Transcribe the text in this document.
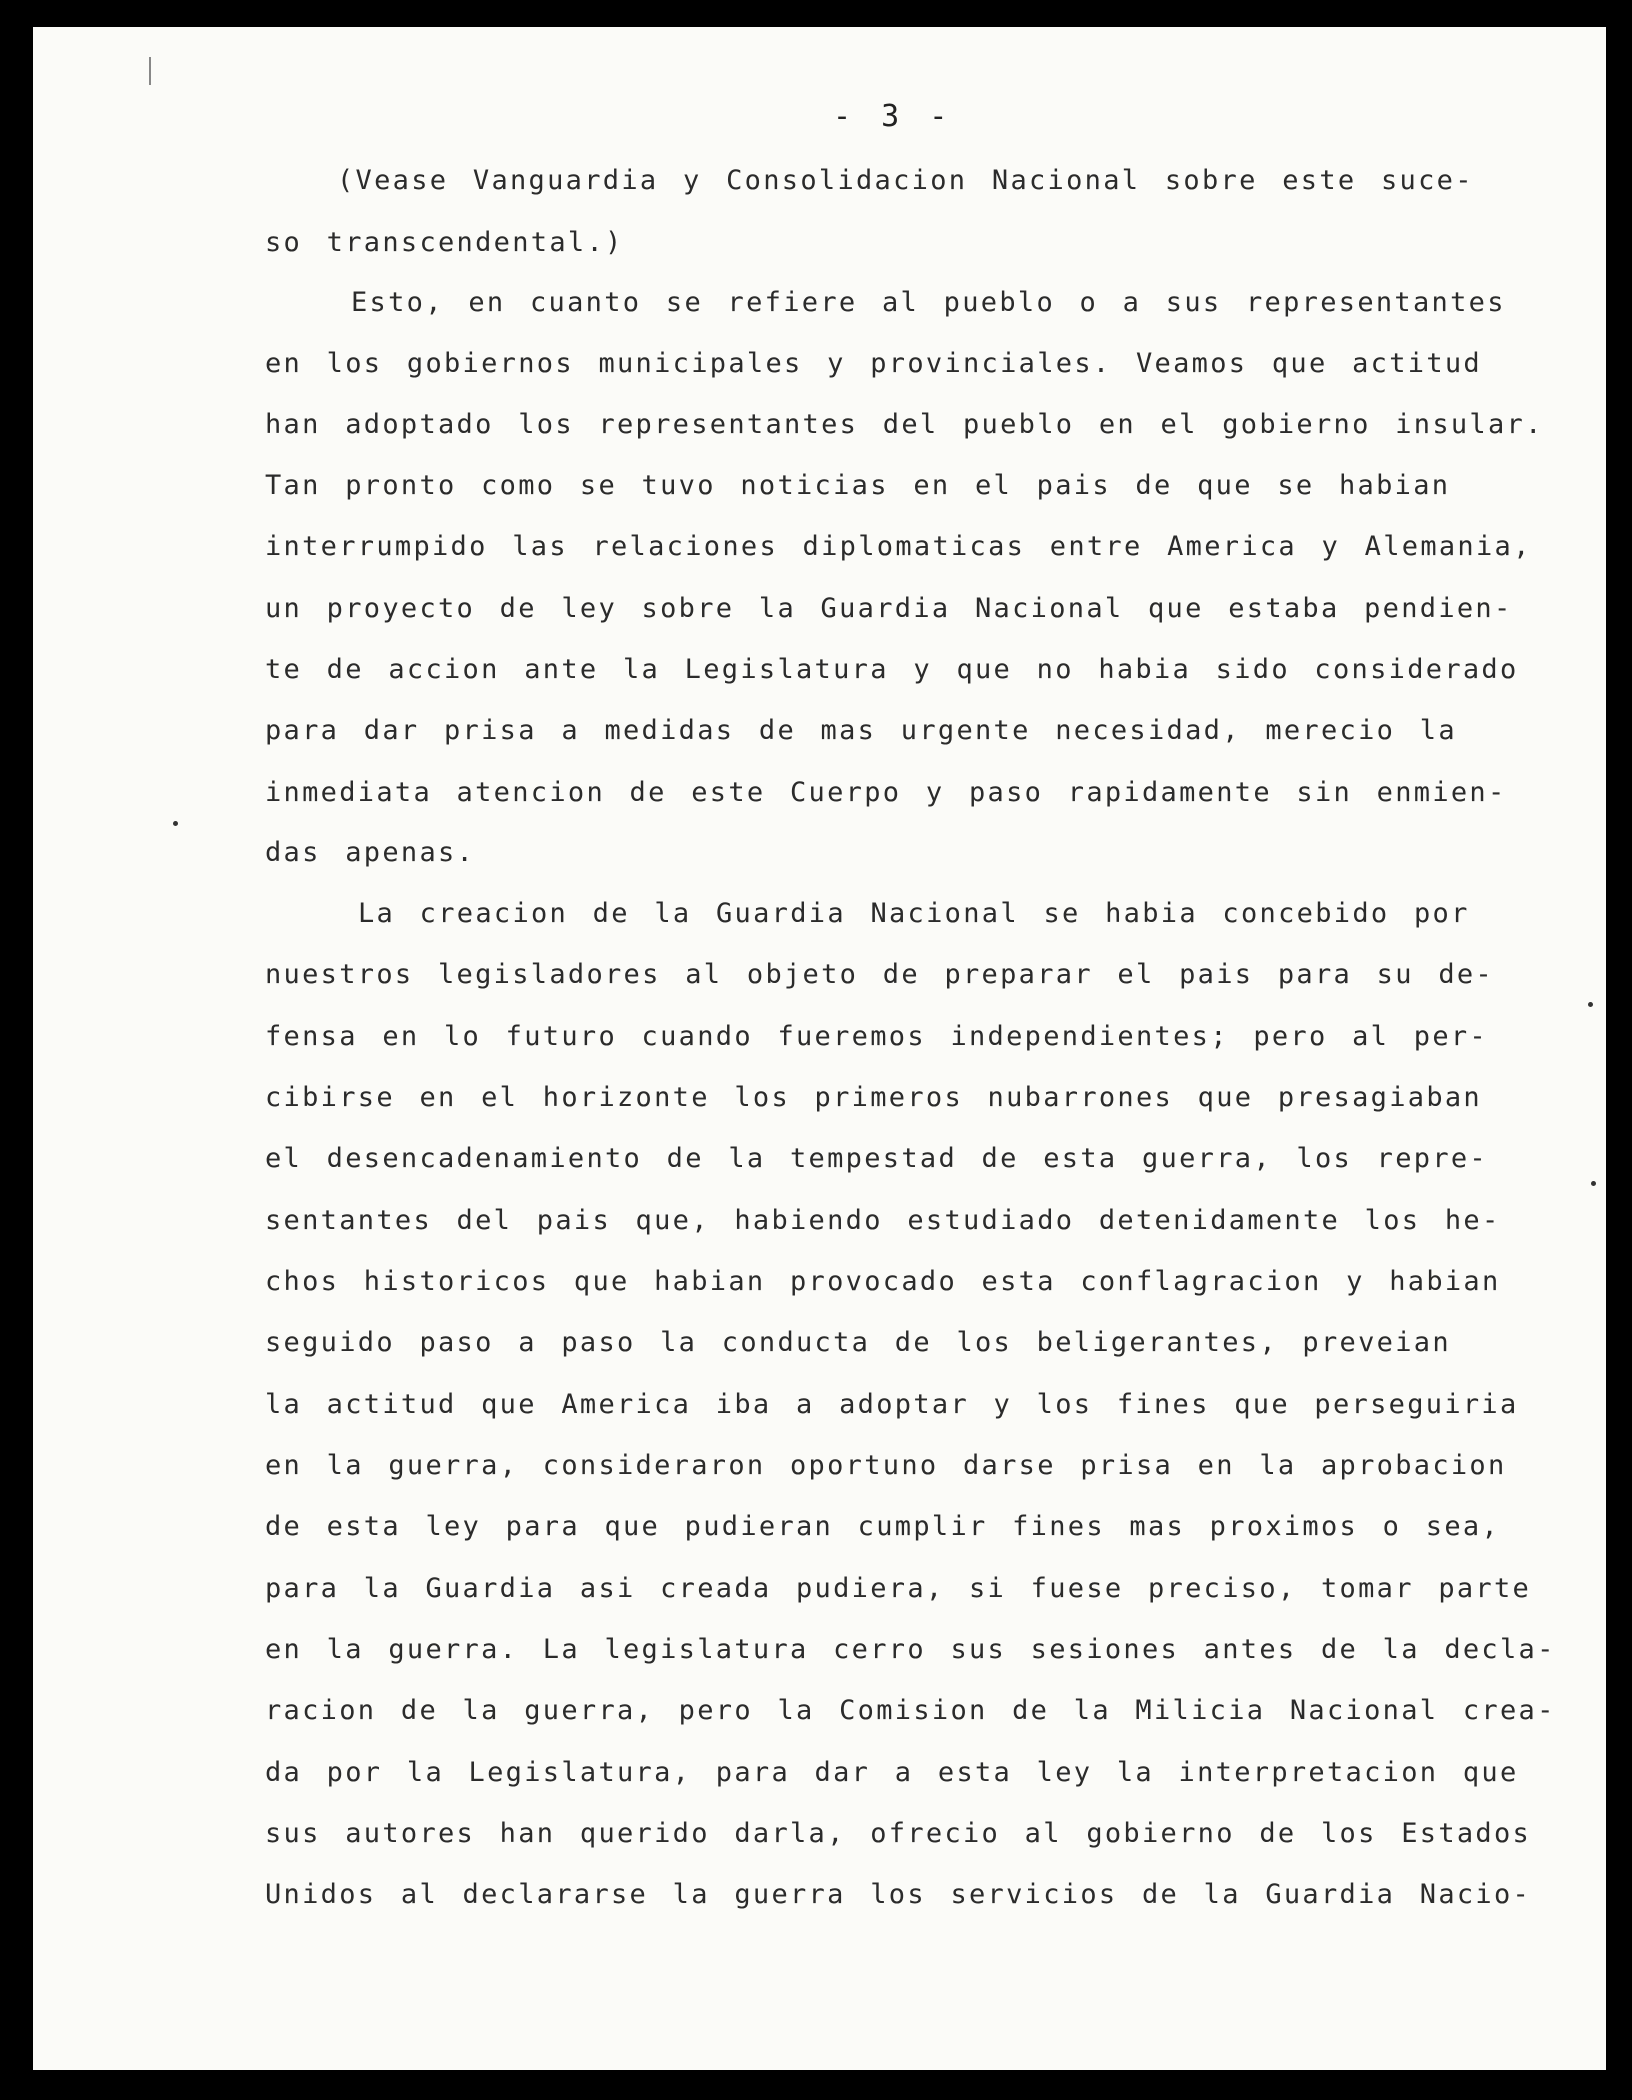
- 3 -
(Vease Vanguardia y Consolidacion Nacional sobre este suce-
so transcendental.)
Esto, en cuanto se refiere al pueblo o a sus representantes
en los gobiernos municipales y provinciales. Veamos que actitud
han adoptado los representantes del pueblo en el gobierno insular.
Tan pronto como se tuvo noticias en el pais de que se habian
interrumpido las relaciones diplomaticas entre America y Alemania,
un proyecto de ley sobre la Guardia Nacional que estaba pendien-
te de accion ante la Legislatura y que no habia sido considerado
para dar prisa a medidas de mas urgente necesidad, merecio la
inmediata atencion de este Cuerpo y paso rapidamente sin enmien-
das apenas.
La creacion de la Guardia Nacional se habia concebido por
nuestros legisladores al objeto de preparar el pais para su de-
fensa en lo futuro cuando fueremos independientes; pero al per-
cibirse en el horizonte los primeros nubarrones que presagiaban
el desencadenamiento de la tempestad de esta guerra, los repre-
sentantes del pais que, habiendo estudiado detenidamente los he-
chos historicos que habian provocado esta conflagracion y habian
seguido paso a paso la conducta de los beligerantes, preveian
la actitud que America iba a adoptar y los fines que perseguiria
en la guerra, consideraron oportuno darse prisa en la aprobacion
de esta ley para que pudieran cumplir fines mas proximos o sea,
para la Guardia asi creada pudiera, si fuese preciso, tomar parte
en la guerra. La legislatura cerro sus sesiones antes de la decla-
racion de la guerra, pero la Comision de la Milicia Nacional crea-
da por la Legislatura, para dar a esta ley la interpretacion que
sus autores han querido darla, ofrecio al gobierno de los Estados
Unidos al declararse la guerra los servicios de la Guardia Nacio-
